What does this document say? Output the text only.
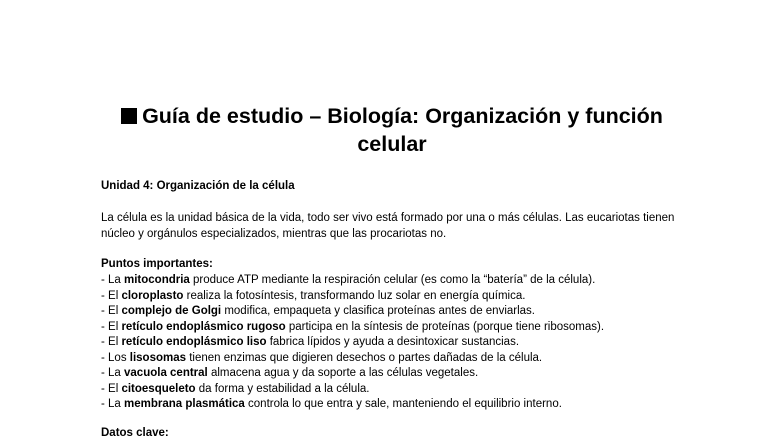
Guía de estudio – Biología: Organización y función celular

Unidad 4: Organización de la célula

La célula es la unidad básica de la vida, todo ser vivo está formado por una o más células. Las eucariotas tienen núcleo y orgánulos especializados, mientras que las procariotas no.

Puntos importantes:

- La mitocondria produce ATP mediante la respiración celular (es como la “batería” de la célula).
- El cloroplasto realiza la fotosíntesis, transformando luz solar en energía química.
- El complejo de Golgi modifica, empaqueta y clasifica proteínas antes de enviarlas.
- El retículo endoplásmico rugoso participa en la síntesis de proteínas (porque tiene ribosomas).
- El retículo endoplásmico liso fabrica lípidos y ayuda a desintoxicar sustancias.
- Los lisosomas tienen enzimas que digieren desechos o partes dañadas de la célula.
- La vacuola central almacena agua y da soporte a las células vegetales.
- El citoesqueleto da forma y estabilidad a la célula.
- La membrana plasmática controla lo que entra y sale, manteniendo el equilibrio interno.

Datos clave:
